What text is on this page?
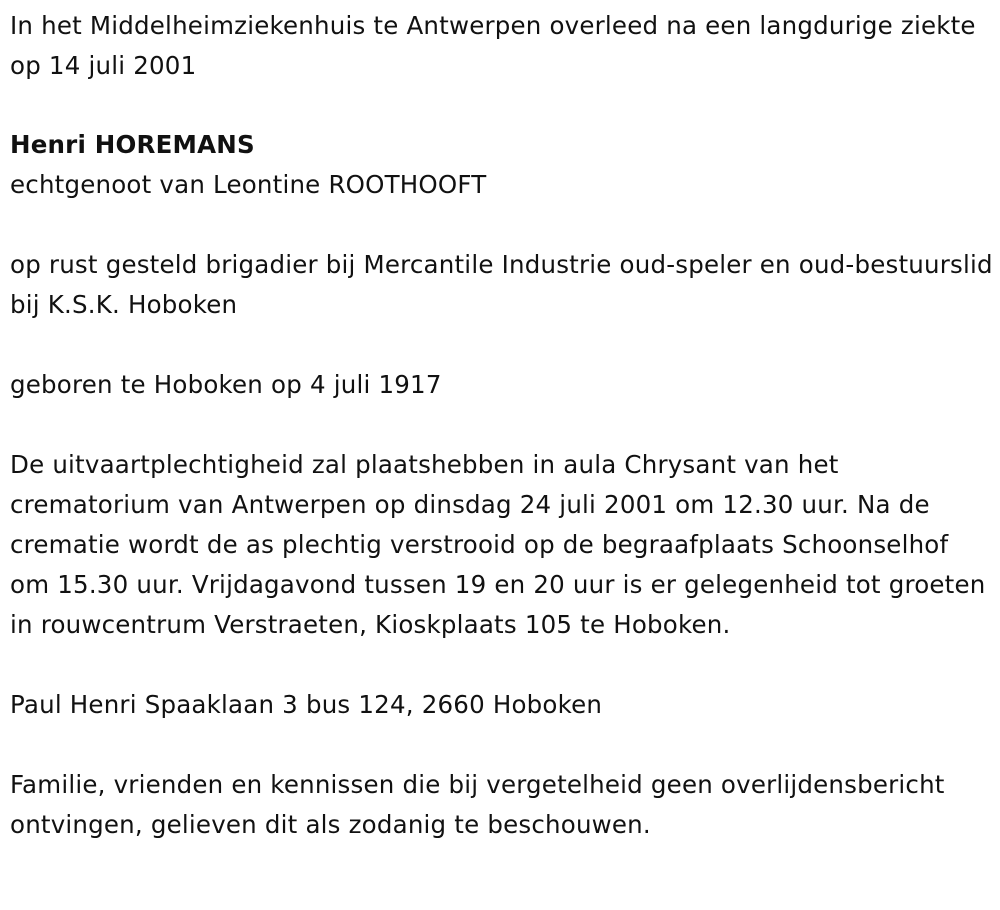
In het Middelheimziekenhuis te Antwerpen overleed na een langdurige ziekte op 14 juli 2001

Henri HOREMANS

echtgenoot van Leontine ROOTHOOFT

op rust gesteld brigadier bij Mercantile Industrie oud-speler en oud-bestuurslid bij K.S.K. Hoboken

geboren te Hoboken op 4 juli 1917

De uitvaartplechtigheid zal plaatshebben in aula Chrysant van het crematorium van Antwerpen op dinsdag 24 juli 2001 om 12.30 uur. Na de crematie wordt de as plechtig verstrooid op de begraafplaats Schoonselhof om 15.30 uur. Vrijdagavond tussen 19 en 20 uur is er gelegenheid tot groeten in rouwcentrum Verstraeten, Kioskplaats 105 te Hoboken.

Paul Henri Spaaklaan 3 bus 124, 2660 Hoboken

Familie, vrienden en kennissen die bij vergetelheid geen overlijdensbericht ontvingen, gelieven dit als zodanig te beschouwen.
